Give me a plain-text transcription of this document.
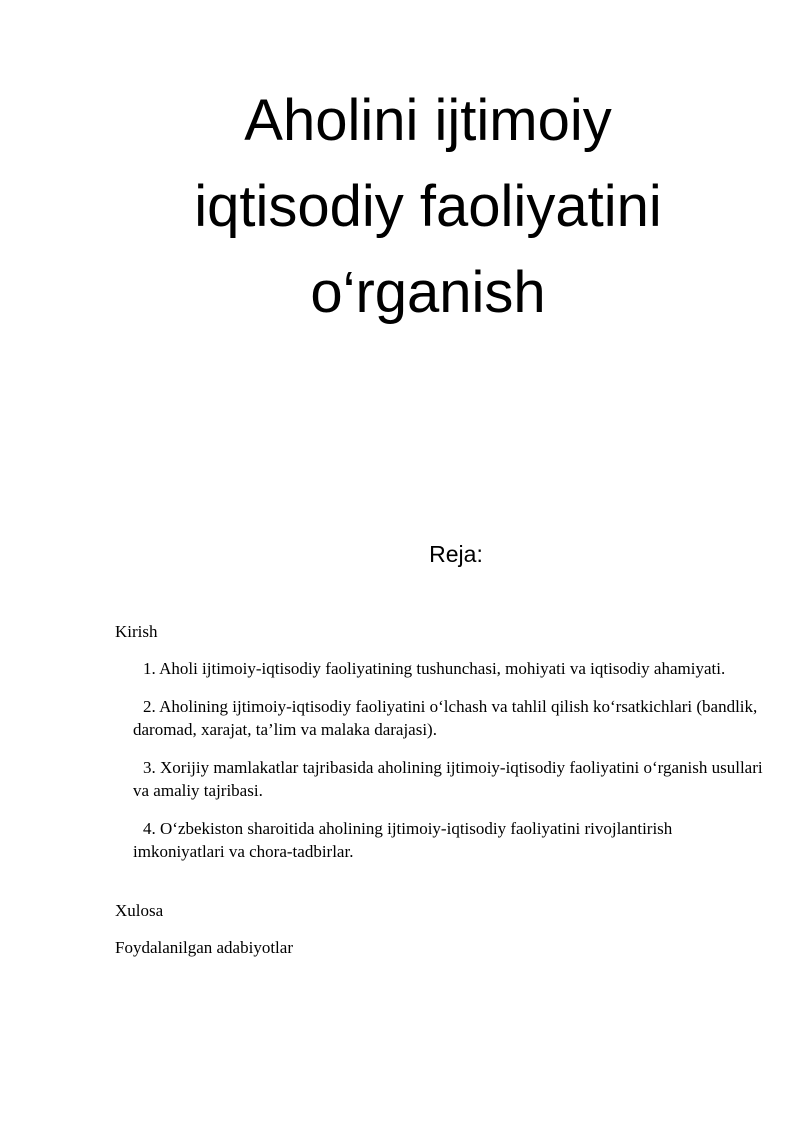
Aholini ijtimoiy
iqtisodiy faoliyatini
o‘rganish
Reja:

Kirish

1. Aholi ijtimoiy-iqtisodiy faoliyatining tushunchasi, mohiyati va iqtisodiy ahamiyati.
2. Aholining ijtimoiy-iqtisodiy faoliyatini o‘lchash va tahlil qilish ko‘rsatkichlari (bandlik, daromad, xarajat, ta’lim va malaka darajasi).
3. Xorijiy mamlakatlar tajribasida aholining ijtimoiy-iqtisodiy faoliyatini o‘rganish usullari va amaliy tajribasi.
4. O‘zbekiston sharoitida aholining ijtimoiy-iqtisodiy faoliyatini rivojlantirish imkoniyatlari va chora-tadbirlar.

Xulosa

Foydalanilgan adabiyotlar
